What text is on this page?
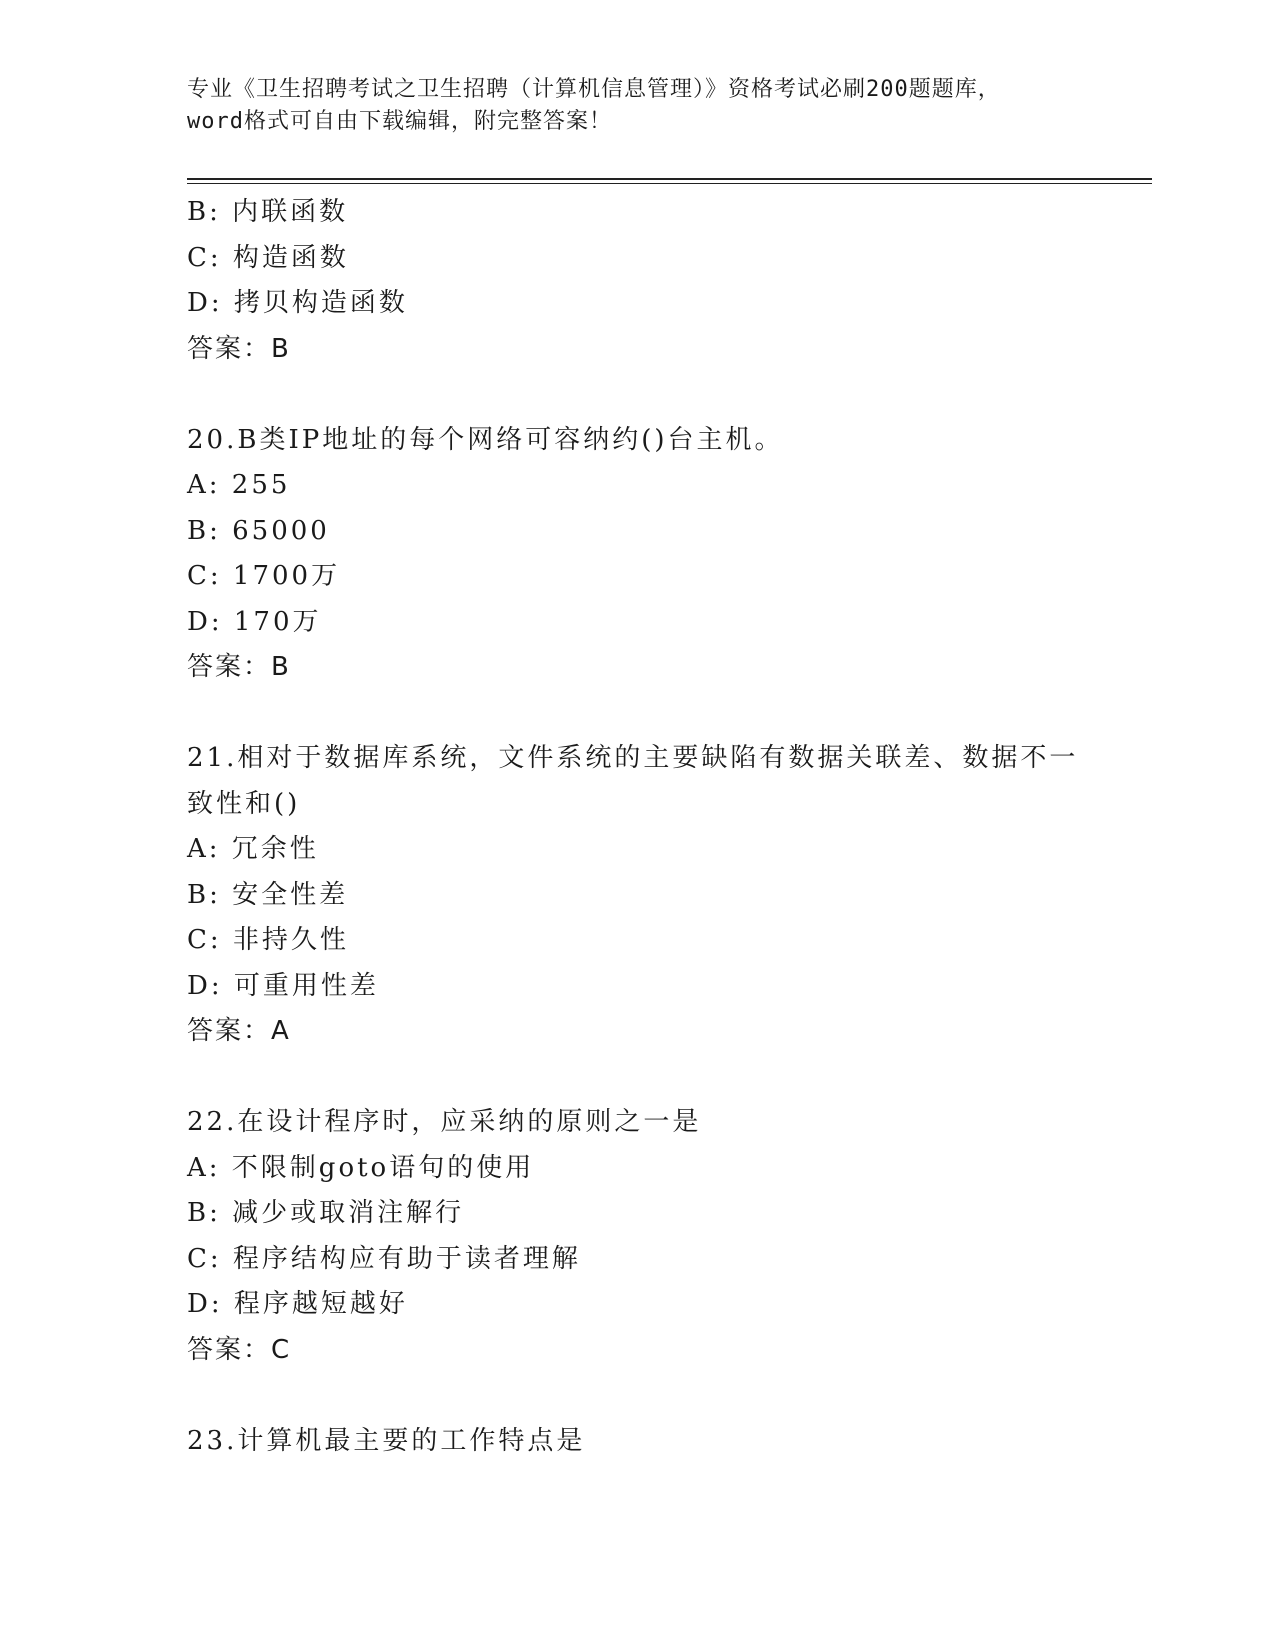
专业《卫生招聘考试之卫生招聘（计算机信息管理）》资格考试必刷200题题库，
word格式可自由下载编辑，附完整答案！
B: 内联函数
C: 构造函数
D: 拷贝构造函数
答案：B
20.B类IP地址的每个网络可容纳约()台主机。
A: 255
B: 65000
C: 1700万
D: 170万
答案：B
21.相对于数据库系统，文件系统的主要缺陷有数据关联差、数据不一
致性和()
A: 冗余性
B: 安全性差
C: 非持久性
D: 可重用性差
答案：A
22.在设计程序时，应采纳的原则之一是
A: 不限制goto语句的使用
B: 减少或取消注解行
C: 程序结构应有助于读者理解
D: 程序越短越好
答案：C
23.计算机最主要的工作特点是
